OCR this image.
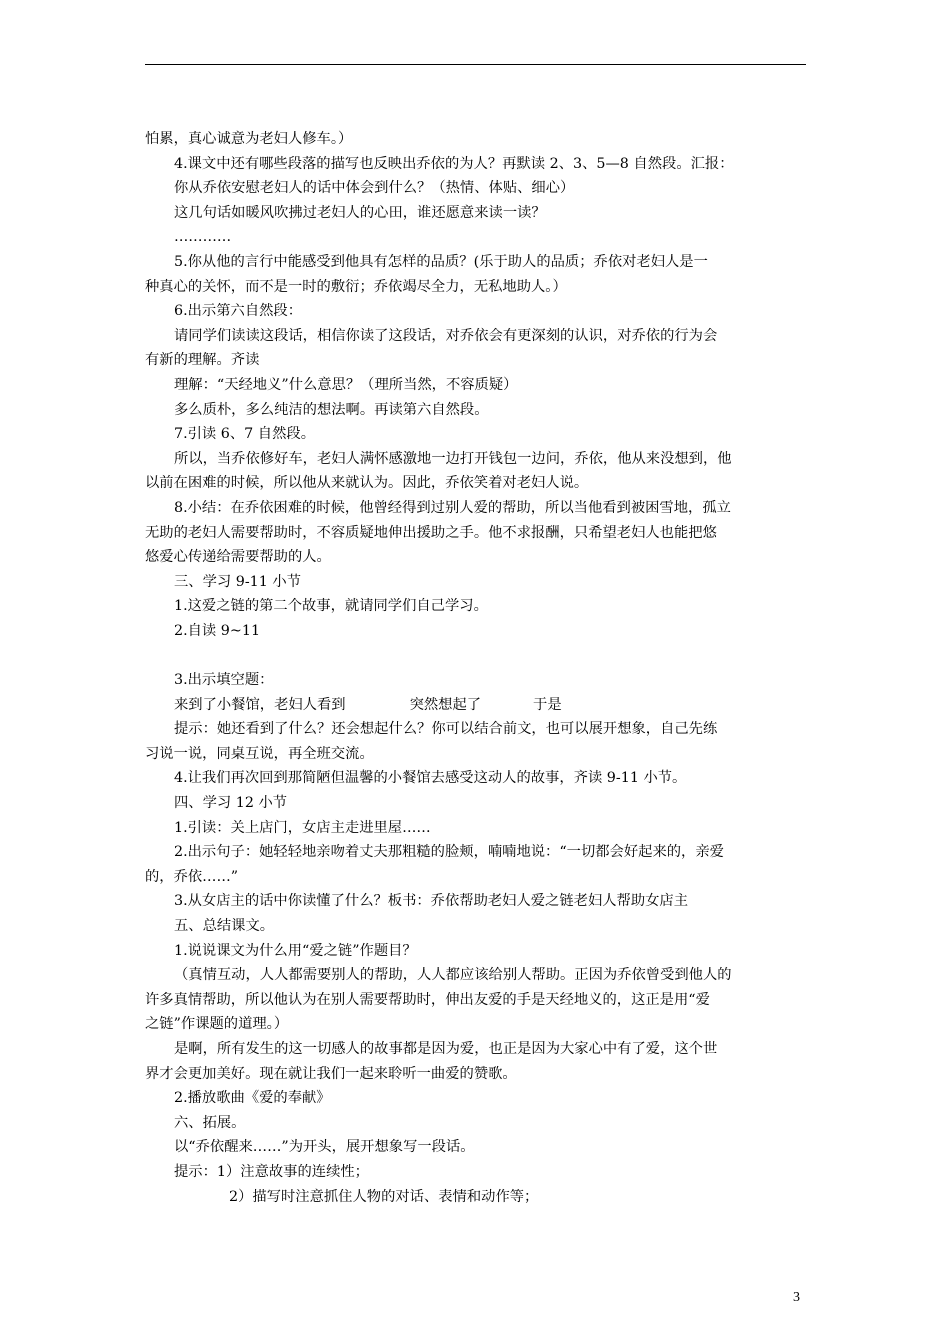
怕累，真心诚意为老妇人修车。）
4.课文中还有哪些段落的描写也反映出乔依的为人？再默读 2、3、5—8 自然段。汇报：
你从乔依安慰老妇人的话中体会到什么？（热情、体贴、细心）
这几句话如暖风吹拂过老妇人的心田，谁还愿意来读一读？
…………
5.你从他的言行中能感受到他具有怎样的品质？(乐于助人的品质；乔依对老妇人是一
种真心的关怀，而不是一时的敷衍；乔依竭尽全力，无私地助人。）
6.出示第六自然段：
请同学们读读这段话，相信你读了这段话，对乔依会有更深刻的认识，对乔依的行为会
有新的理解。齐读
理解：“天经地义”什么意思？（理所当然，不容质疑）
多么质朴，多么纯洁的想法啊。再读第六自然段。
7.引读 6、7 自然段。
所以，当乔依修好车，老妇人满怀感激地一边打开钱包一边问，乔依，他从来没想到，他
以前在困难的时候，所以他从来就认为。因此，乔依笑着对老妇人说。
8.小结：在乔依困难的时候，他曾经得到过别人爱的帮助，所以当他看到被困雪地，孤立
无助的老妇人需要帮助时，不容质疑地伸出援助之手。他不求报酬，只希望老妇人也能把悠
悠爱心传递给需要帮助的人。
三、学习 9-11 小节
1.这爱之链的第二个故事，就请同学们自己学习。
2.自读 9~11
3.出示填空题：
来到了小餐馆，老妇人看到	突然想起了	于是
提示：她还看到了什么？还会想起什么？你可以结合前文，也可以展开想象，自己先练
习说一说，同桌互说，再全班交流。
4.让我们再次回到那简陋但温馨的小餐馆去感受这动人的故事，齐读 9-11 小节。
四、学习 12 小节
1.引读：关上店门，女店主走进里屋……
2.出示句子：她轻轻地亲吻着丈夫那粗糙的脸颊，喃喃地说：“一切都会好起来的，亲爱
的，乔依……”
3.从女店主的话中你读懂了什么？板书：乔依帮助老妇人爱之链老妇人帮助女店主
五、总结课文。
1.说说课文为什么用“爱之链”作题目？
（真情互动，人人都需要别人的帮助，人人都应该给别人帮助。正因为乔依曾受到他人的
许多真情帮助，所以他认为在别人需要帮助时，伸出友爱的手是天经地义的，这正是用“爱
之链”作课题的道理。）
是啊，所有发生的这一切感人的故事都是因为爱，也正是因为大家心中有了爱，这个世
界才会更加美好。现在就让我们一起来聆听一曲爱的赞歌。
2.播放歌曲《爱的奉献》
六、拓展。
以“乔依醒来……”为开头，展开想象写一段话。
提示：1）注意故事的连续性；
2）描写时注意抓住人物的对话、表情和动作等；
3
